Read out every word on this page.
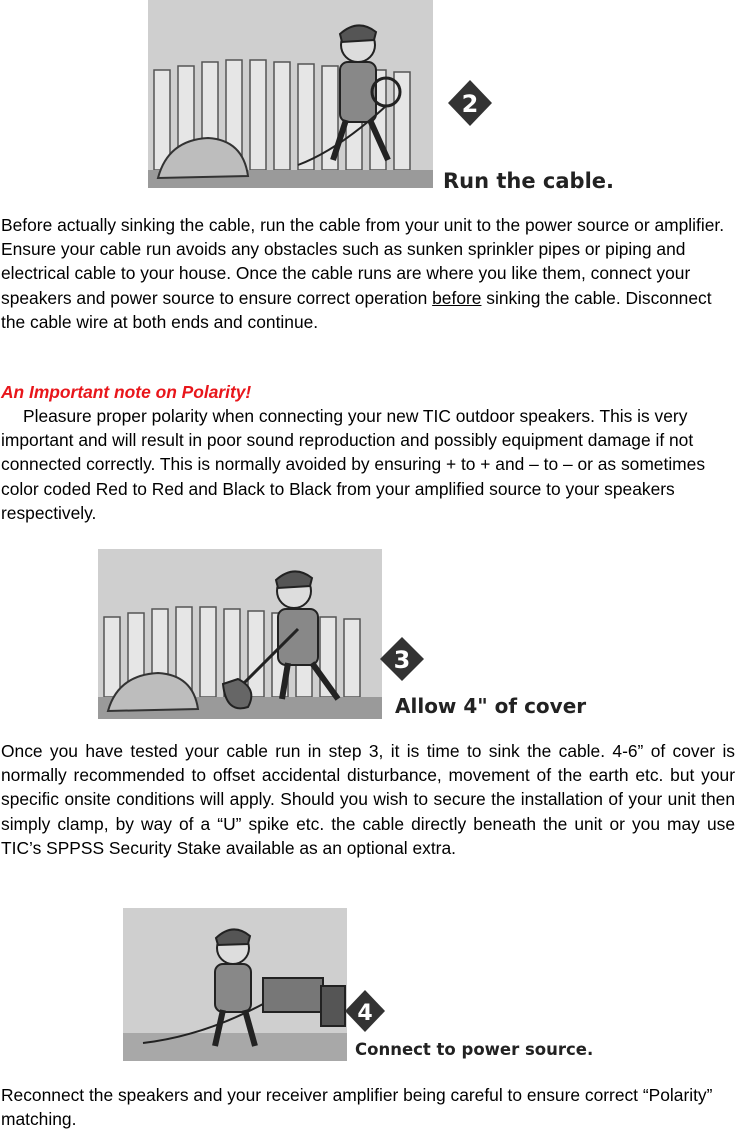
2
Run the cable.

Before actually sinking the cable, run the cable from your unit to the power source or amplifier. Ensure your cable run avoids any obstacles such as sunken sprinkler pipes or piping and electrical cable to your house. Once the cable runs are where you like them, connect your speakers and power source to ensure correct operation before sinking the cable. Disconnect the cable wire at both ends and continue.

An Important note on Polarity!

Pleasure proper polarity when connecting your new TIC outdoor speakers. This is very important and will result in poor sound reproduction and possibly equipment damage if not connected correctly. This is normally avoided by ensuring + to + and – to – or as sometimes color coded Red to Red and Black to Black from your amplified source to your speakers respectively.

3
Allow 4" of cover

Once you have tested your cable run in step 3, it is time to sink the cable. 4-6” of cover is normally recommended to offset accidental disturbance, movement of the earth etc. but your specific onsite conditions will apply. Should you wish to secure the installation of your unit then simply clamp, by way of a “U” spike etc. the cable directly beneath the unit or you may use TIC’s SPPSS Security Stake available as an optional extra.

4
Connect to power source.

Reconnect the speakers and your receiver amplifier being careful to ensure correct “Polarity” matching.
